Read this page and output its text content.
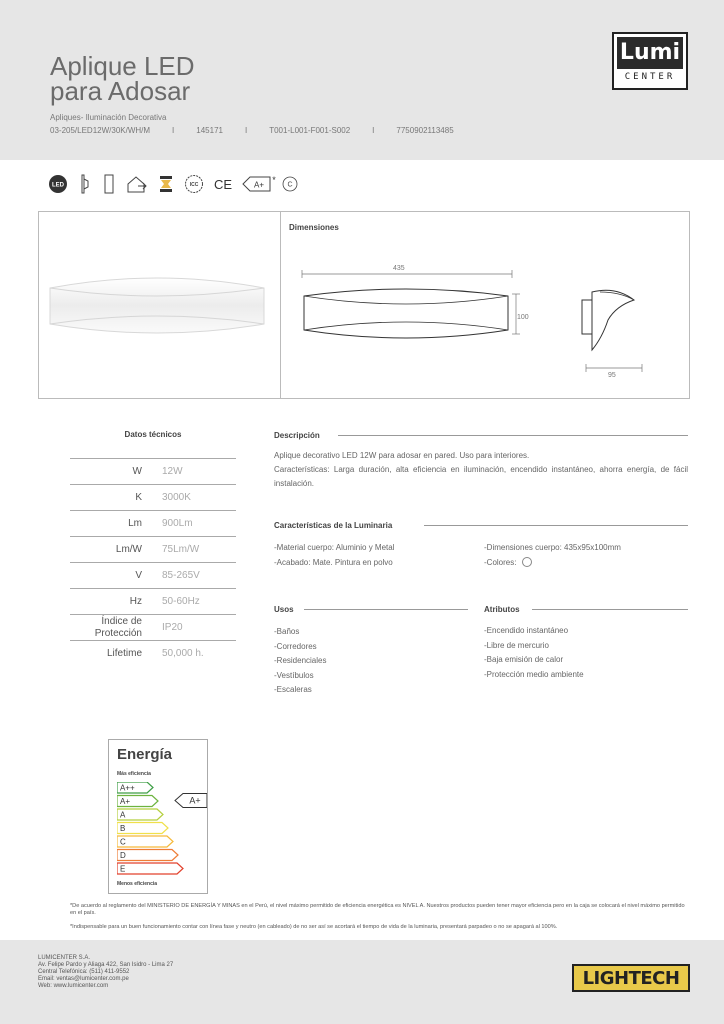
Aplique LED
para Adosar
Apliques- Iluminación Decorativa
03-205/LED12W/30K/WH/M	I	145171	I	T001-L001-F001-S002	I	7750902113485
Lumi
CENTER
LED	ICC CE	A+ * C
Dimensiones
435
100
95
Datos técnicos
W 12W
K 3000K
Lm 900Lm
Lm/W 75Lm/W
V 85-265V
Hz 50-60Hz
Índice de Protección
IP20
Lifetime 50,000 h.
Descripción
Aplique decorativo LED 12W para adosar en pared. Uso para interiores.
Características: Larga duración, alta eficiencia en iluminación, encendido instantáneo, ahorra energía, de fácil instalación.
Características de la Luminaria
-Material cuerpo: Aluminio y Metal
-Acabado: Mate. Pintura en polvo
-Dimensiones cuerpo: 435x95x100mm
-Colores:
Usos
-Baños
-Corredores
-Residenciales
-Vestíbulos
-Escaleras
Atributos
-Encendido instantáneo
-Libre de mercurio
-Baja emisión de calor
-Protección medio ambiente
Energía
Más eficiencia
A++
A+
A
B
C
D
E
A+
Menos eficiencia
*De acuerdo al reglamento del MINISTERIO DE ENERGÍA Y MINAS en el Perú, el nivel máximo permitido de eficiencia energética es NIVEL A. Nuestros productos pueden tener mayor eficiencia pero en la caja se colocará el nivel máximo permitido en el país.
*Indispensable para un buen funcionamiento contar con línea fase y neutro (en cableado) de no ser así se acortará el tiempo de vida de la luminaria, presentará parpadeo o no se apagará al 100%.
LUMICENTER S.A.
Av. Felipe Pardo y Aliaga 422, San Isidro - Lima 27
Central Telefónica: (511) 411-9552
Email: ventas@lumicenter.com.pe
Web: www.lumicenter.com	LIGHTECH
